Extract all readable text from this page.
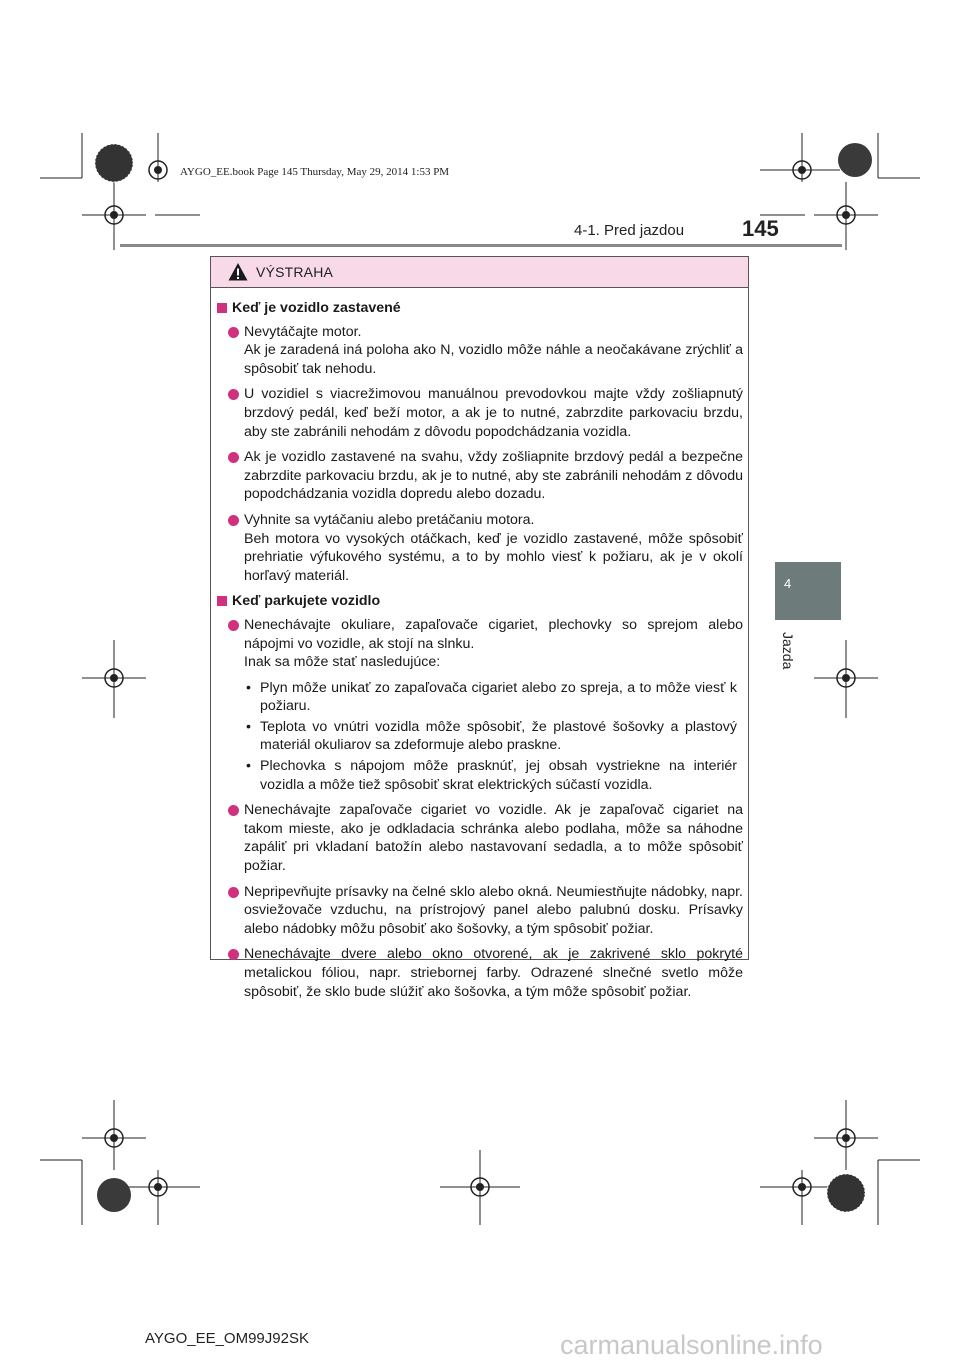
AYGO_EE.book Page 145 Thursday, May 29, 2014 1:53 PM
4-1. Pred jazdou	145
4
Jazda
VÝSTRAHA
Keď je vozidlo zastavené

Nevytáčajte motor.

Ak je zaradená iná poloha ako N, vozidlo môže náhle a neočakávane zrýchliť a spôsobiť tak nehodu.

U vozidiel s viacrežimovou manuálnou prevodovkou majte vždy zošliapnutý brzdový pedál, keď beží motor, a ak je to nutné, zabrzdite parkovaciu brzdu, aby ste zabránili nehodám z dôvodu popodchádzania vozidla.

Ak je vozidlo zastavené na svahu, vždy zošliapnite brzdový pedál a bezpečne zabrzdite parkovaciu brzdu, ak je to nutné, aby ste zabránili nehodám z dôvodu popodchádzania vozidla dopredu alebo dozadu.

Vyhnite sa vytáčaniu alebo pretáčaniu motora.

Beh motora vo vysokých otáčkach, keď je vozidlo zastavené, môže spôsobiť prehriatie výfukového systému, a to by mohlo viesť k požiaru, ak je v okolí horľavý materiál.

Keď parkujete vozidlo

Nenechávajte okuliare, zapaľovače cigariet, plechovky so sprejom alebo nápojmi vo vozidle, ak stojí na slnku.

Inak sa môže stať nasledujúce:

• Plyn môže unikať zo zapaľovača cigariet alebo zo spreja, a to môže viesť k požiaru.
• Teplota vo vnútri vozidla môže spôsobiť, že plastové šošovky a plastový materiál okuliarov sa zdeformuje alebo praskne.
• Plechovka s nápojom môže prasknúť, jej obsah vystriekne na interiér vozidla a môže tiež spôsobiť skrat elektrických súčastí vozidla.

Nenechávajte zapaľovače cigariet vo vozidle. Ak je zapaľovač cigariet na takom mieste, ako je odkladacia schránka alebo podlaha, môže sa náhodne zapáliť pri vkladaní batožín alebo nastavovaní sedadla, a to môže spôsobiť požiar.

Nepripevňujte prísavky na čelné sklo alebo okná. Neumiestňujte nádobky, napr. osviežovače vzduchu, na prístrojový panel alebo palubnú dosku. Prísavky alebo nádobky môžu pôsobiť ako šošovky, a tým spôsobiť požiar.

Nenechávajte dvere alebo okno otvorené, ak je zakrivené sklo pokryté metalickou fóliou, napr. striebornej farby. Odrazené slnečné svetlo môže spôsobiť, že sklo bude slúžiť ako šošovka, a tým môže spôsobiť požiar.

AYGO_EE_OM99J92SK	carmanualsonline.info
